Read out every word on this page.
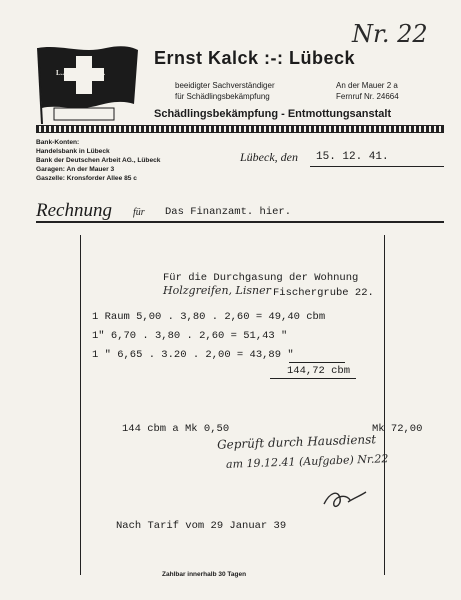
Nr. 22
L.A.F.B.L.A.D.
Ernst Kalck :-: Lübeck
beeidigter Sachverständiger
für Schädlingsbekämpfung
An der Mauer 2 a
Fernruf Nr. 24664
Schädlingsbekämpfung - Entmottungsanstalt
Bank-Konten:
Handelsbank in Lübeck
Bank der Deutschen Arbeit AG., Lübeck
Garagen: An der Mauer 3
Gaszelle: Kronsforder Allee 85 c
Lübeck, den 15. 12. 41.
Rechnung für Das Finanzamt. hier.
Für die Durchgasung der Wohnung
Holzgreifen, Lisner Fischergrube 22.
1 Raum 5,00 . 3,80 . 2,60 = 49,40 cbm
1" 6,70 . 3,80 . 2,60 = 51,43 "
1 " 6,65 . 3.20 . 2,00 = 43,89 "
144,72 cbm
144 cbm a Mk 0,50	Mk 72,00
Geprüft durch Hausdienst
am 19.12.41 (Aufgabe) Nr.22
Nach Tarif vom 29 Januar 39
Zahlbar innerhalb 30 Tagen
